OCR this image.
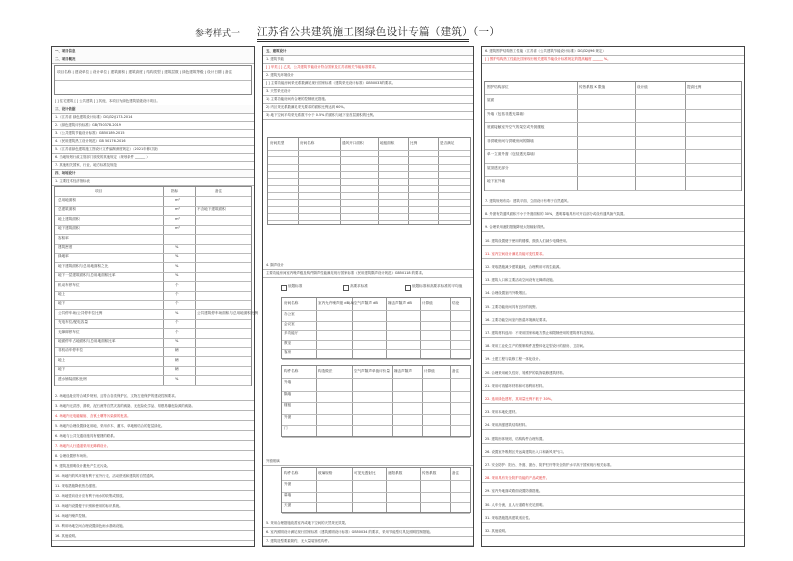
参考样式一 江苏省公共建筑施工图绿色设计专篇（建筑）（一）
一、项目信息
二、项目概况
项目名称 | 建设单位 | 设计单位 | 建筑面积 | 建筑高度 | 结构类型 | 建筑层数 | 绿色建筑等级 | 设计日期 | 备注
[ ] 住宅建筑 [ ] 公共建筑 [ ] 其他，本项目为绿色建筑星级设计项目。
三、设计依据
四、场地设计
1. 主要技术经济指标表
项目	指标	备注
总用地面积	m²
总建筑面积	m²	不含地下建筑面积
地上建筑面积	m²
地下建筑面积	m²
容积率
建筑密度	%
绿地率	%
地下建筑面积与总用地面积之比	%
地下一层建筑面积与总用地面积比率	%
机动车停车位	个
地上	个
地下	个
公共停车场/公共停车位比例	%	公共建筑停车场面积与总用地面积比例
充电车位/配电容量	个
无障碍停车位	个
地面停车占地面积与总用地面积比率	%
非机动车停车位	辆
地上	辆
地下	辆
透水铺装面积比例	%
1.《江苏省 绿色建筑设计标准》DGJ32/J173-2014
2.《绿色建筑评价标准》GB/T50378-2019
3.《公共建筑节能设计标准》GB50189-2015
4.《民用建筑热工设计规范》GB 50176-2016
5.《江苏省绿色建筑施工图设计文件编制深度规定》（2021年修订版）
6. 当地规划行政主管部门颁发的其他规定（规划条件 ______ ）
7. 其他相关国家、行业、地方标准及规范
2. 场地选址应符合城乡规划，且符合各类保护区、文物古迹保护的建设控制要求。
3. 场地内无洪涝、滑坡、泥石流等自然灾害的威胁，无危险化学品、易燃易爆危险源的威胁。
4. 场地内无电磁辐射、含氡土壤等污染源的危害。
5. 场地内合理设置绿化用地，采用乔木、灌木、草地相结合的复层绿化。
6. 场地与公共交通设施具有便捷的联系。
7. 场地内人行通道采用无障碍设计。
8. 合理设置停车场所。
9. 建筑及照明设计避免产生光污染。
10. 场地内的风环境有利于室外行走、活动舒适和建筑的自然通风。
11. 采取措施降低热岛强度。
12. 场地竖向设计应有利于雨水的收集或排放。
13. 场地内设置便于识别和使用的标识系统。
14. 场地内噪声控制。
15. 利用场地空间合理设置绿色雨水基础设施。
16. 其他说明。
五、建筑设计
1. 建筑节能
[ ] 甲类 [ ] 乙类，公共建筑节能设计符合国家及江苏省相关节能标准要求。
2. 建筑光环境设计
[ ] 主要功能房间采光系数满足现行国家标准《建筑采光设计标准》GB50033的要求。
3. 天然采光设计
房间类型	房间名称	通风开口面积	地板面积	比例	是否满足
4. 隔声设计
主要功能房间室内噪声级及构件隔声性能满足现行国家标准《民用建筑隔声设计规范》GB50118 的要求。
低限标准	高要求标准	低限标准和高要求标准的平均值
房间名称	室内允许噪声级 dB(A) 空气声隔声 dB	撞击声隔声 dB	计算值	结论
办公室
会议室
多功能厅
教室
客房
构件名称	构造做法	空气声隔声单值评价量 撞击声隔声	计算值	备注
外墙
隔墙
楼板
外窗
门
外窗玻璃
构件名称	玻璃规格	可见光透射比	遮阳系数	传热系数	备注
外窗
幕墙
天窗
1) 主要功能房间有合理的控制眩光措施。
2) 内区采光系数满足采光要求的面积比例达到 60%。
3) 地下空间平均采光系数不小于 0.5% 的面积与地下室首层面积的比例。
5. 采用合理措施改善室内或地下空间的天然采光效果。
6. 室内照明设计满足现行国家标准《建筑照明设计标准》GB50034 的要求，采用节能型灯具及照明控制措施。
7. 建筑造型要素简约，无大量装饰性构件。
6. 建筑围护结构热工性能（江苏省《公共建筑节能设计标准》DGJ32/J96 规定）
[ ] 围护结构热工性能比国家现行相关建筑节能设计标准规定的提高幅度 ______ %。
围护结构部位	传热系数 K 限值	设计值	提高比例
屋面
外墙（包括非透光幕墙）
底面接触室外空气的架空或外挑楼板
非供暖房间与供暖房间的隔墙
单一立面外窗（包括透光幕墙）
屋顶透光部分
地下室外墙
7. 建筑规划布局：建筑平面、立面设计有利于自然通风。
8. 外窗有效通风面积不小于外窗面积的 30%，透明幕墙具有可开启部分或设有通风换气装置。
9. 合理采用遮阳措施降低太阳辐射得热。
10. 建筑设置便于使用的楼梯，鼓励人们减少电梯使用。
11. 室内空间设计满足功能可变性要求。
12. 采取措施减少建筑能耗，合理利用可再生能源。
13. 建筑入口和主要活动空间设有无障碍设施。
14. 合理设置室内外吸烟区。
15. 主要功能房间具有良好的视野。
16. 主要功能空间室内热湿环境满足要求。
17. 建筑材料选用：不采用国家和地方禁止和限制使用的建筑材料及制品。
18. 采用工业化生产的预制构件及整体化定型设计的厨房、卫浴间。
19. 土建工程与装修工程一体化设计。
20. 合理采用耐久性好、易维护的装饰装修建筑材料。
21. 采用可再循环材料和可再利用材料。
22. 选用绿色建材，其用量比例不低于 30%。
23. 采用本地化建材。
24. 采用高强建筑结构材料。
25. 建筑形体规则，结构构件合理布置。
26. 设置室外吸烟区并远离建筑出入口和新风采气口。
27. 安全防护：阳台、外窗、窗台、防护栏杆等安全防护水平高于国家现行相关标准。
28. 采用具有安全防护功能的产品或配件。
29. 室内外地面或路面设置防滑措施。
30. 人车分流，且人行道路有充足照明。
31. 采取措施提高建筑适应性。
32. 其他说明。
